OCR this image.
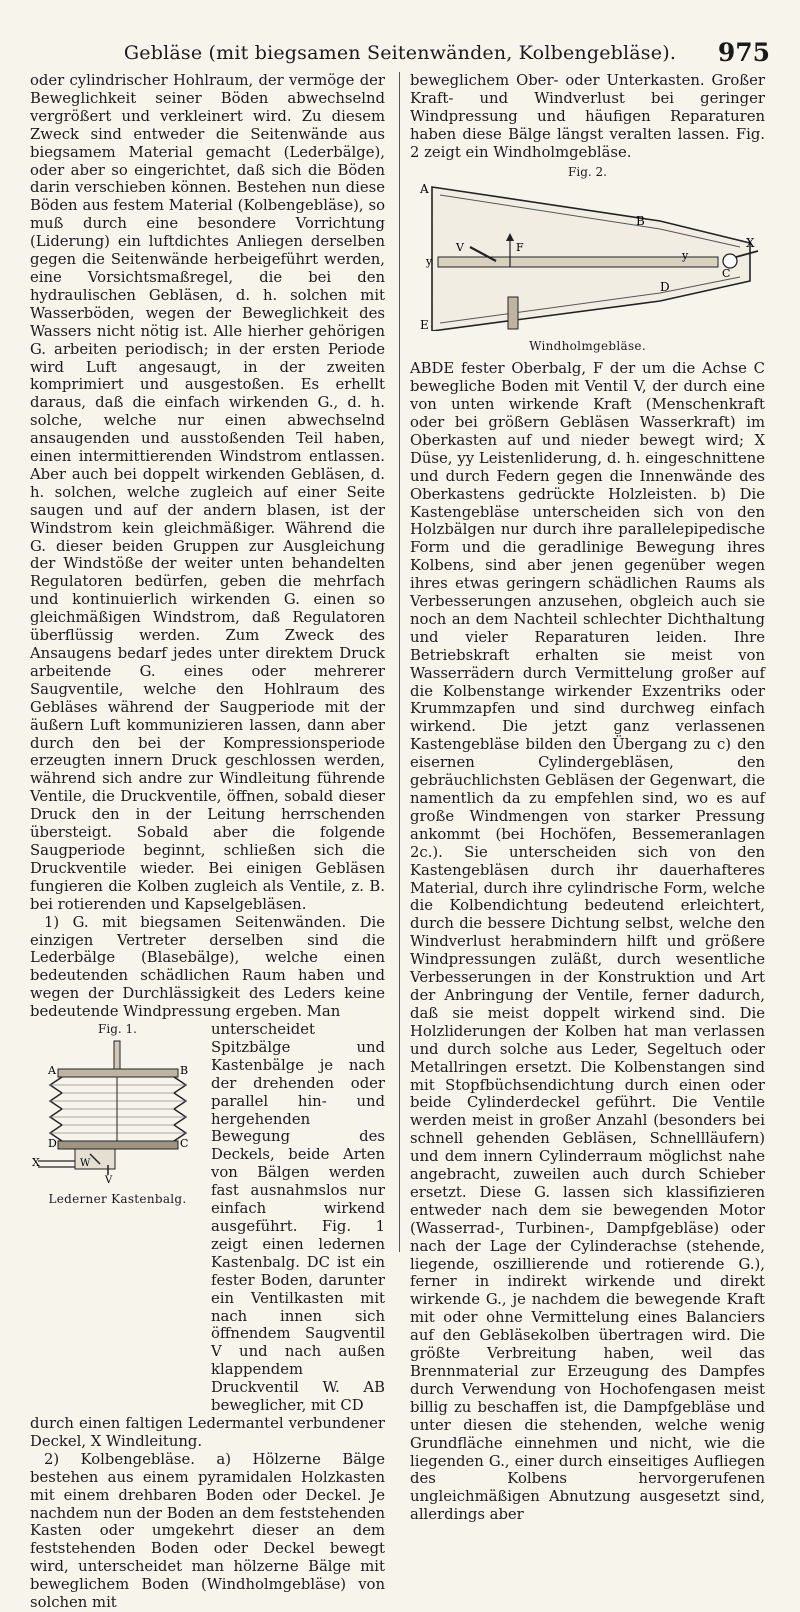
Gebläse (mit biegsamen Seitenwänden, Kolbengebläse).	975

oder cylindrischer Hohlraum, der vermöge der Beweglichkeit seiner Böden abwechselnd vergrößert und verkleinert wird. Zu diesem Zweck sind entweder die Seitenwände aus biegsamem Material gemacht (Lederbälge), oder aber so eingerichtet, daß sich die Böden darin verschieben können. Bestehen nun diese Böden aus festem Material (Kolbengebläse), so muß durch eine besondere Vorrichtung (Liderung) ein luftdichtes Anliegen derselben gegen die Seitenwände herbeigeführt werden, eine Vorsichtsmaßregel, die bei den hydraulischen Gebläsen, d. h. solchen mit Wasserböden, wegen der Beweglichkeit des Wassers nicht nötig ist. Alle hierher gehörigen G. arbeiten periodisch; in der ersten Periode wird Luft angesaugt, in der zweiten komprimiert und ausgestoßen. Es erhellt daraus, daß die einfach wirkenden G., d. h. solche, welche nur einen abwechselnd ansaugenden und ausstoßenden Teil haben, einen intermittierenden Windstrom entlassen. Aber auch bei doppelt wirkenden Gebläsen, d. h. solchen, welche zugleich auf einer Seite saugen und auf der andern blasen, ist der Windstrom kein gleichmäßiger. Während die G. dieser beiden Gruppen zur Ausgleichung der Windstöße der weiter unten behandelten Regulatoren bedürfen, geben die mehrfach und kontinuierlich wirkenden G. einen so gleichmäßigen Windstrom, daß Regulatoren überflüssig werden. Zum Zweck des Ansaugens bedarf jedes unter direktem Druck arbeitende G. eines oder mehrerer Saugventile, welche den Hohlraum des Gebläses während der Saugperiode mit der äußern Luft kommunizieren lassen, dann aber durch den bei der Kompressionsperiode erzeugten innern Druck geschlossen werden, während sich andre zur Windleitung führende Ventile, die Druckventile, öffnen, sobald dieser Druck den in der Leitung herrschenden übersteigt. Sobald aber die folgende Saugperiode beginnt, schließen sich die Druckventile wieder. Bei einigen Gebläsen fungieren die Kolben zugleich als Ventile, z. B. bei rotierenden und Kapselgebläsen.

1) G. mit biegsamen Seitenwänden. Die einzigen Vertreter derselben sind die Lederbälge (Blasebälge), welche einen bedeutenden schädlichen Raum haben und wegen der Durchlässigkeit des Leders keine bedeutende Windpressung ergeben. Man

Fig. 1.
A	B
D	C
X	W
V
Lederner Kastenbalg.

unterscheidet Spitzbälge und Kastenbälge je nach der drehenden oder parallel hin- und hergehenden Bewegung des Deckels, beide Arten von Bälgen werden fast ausnahmslos nur einfach wirkend ausgeführt. Fig. 1 zeigt einen ledernen Kastenbalg. DC ist ein fester Boden, darunter ein Ventilkasten mit nach innen sich öffnendem Saugventil V und nach außen klappendem Druckventil W. AB beweglicher, mit CD

durch einen faltigen Ledermantel verbundener Deckel, X Windleitung.

2) Kolbengebläse. a) Hölzerne Bälge bestehen aus einem pyramidalen Holzkasten mit einem drehbaren Boden oder Deckel. Je nachdem nun der Boden an dem feststehenden Kasten oder umgekehrt dieser an dem feststehenden Boden oder Deckel bewegt wird, unterscheidet man hölzerne Bälge mit beweglichem Boden (Windholmgebläse) von solchen mit

beweglichem Ober- oder Unterkasten. Großer Kraft- und Windverlust bei geringer Windpressung und häufigen Reparaturen haben diese Bälge längst veralten lassen. Fig. 2 zeigt ein Windholmgebläse.

Fig. 2.
A
B
C
D
E
F
V	X
y	y
Windholmgebläse.

ABDE fester Oberbalg, F der um die Achse C bewegliche Boden mit Ventil V, der durch eine von unten wirkende Kraft (Menschenkraft oder bei größern Gebläsen Wasserkraft) im Oberkasten auf und nieder bewegt wird; X Düse, yy Leistenliderung, d. h. eingeschnittene und durch Federn gegen die Innenwände des Oberkastens gedrückte Holzleisten. b) Die Kastengebläse unterscheiden sich von den Holzbälgen nur durch ihre parallelepipedische Form und die geradlinige Bewegung ihres Kolbens, sind aber jenen gegenüber wegen ihres etwas geringern schädlichen Raums als Verbesserungen anzusehen, obgleich auch sie noch an dem Nachteil schlechter Dichthaltung und vieler Reparaturen leiden. Ihre Betriebskraft erhalten sie meist von Wasserrädern durch Vermittelung großer auf die Kolbenstange wirkender Exzentriks oder Krummzapfen und sind durchweg einfach wirkend. Die jetzt ganz verlassenen Kastengebläse bilden den Übergang zu c) den eisernen Cylindergebläsen, den gebräuchlichsten Gebläsen der Gegenwart, die namentlich da zu empfehlen sind, wo es auf große Windmengen von starker Pressung ankommt (bei Hochöfen, Bessemeranlagen 2c.). Sie unterscheiden sich von den Kastengebläsen durch ihr dauerhafteres Material, durch ihre cylindrische Form, welche die Kolbendichtung bedeutend erleichtert, durch die bessere Dichtung selbst, welche den Windverlust herabmindern hilft und größere Windpressungen zuläßt, durch wesentliche Verbesserungen in der Konstruktion und Art der Anbringung der Ventile, ferner dadurch, daß sie meist doppelt wirkend sind. Die Holzliderungen der Kolben hat man verlassen und durch solche aus Leder, Segeltuch oder Metallringen ersetzt. Die Kolbenstangen sind mit Stopfbüchsendichtung durch einen oder beide Cylinderdeckel geführt. Die Ventile werden meist in großer Anzahl (besonders bei schnell gehenden Gebläsen, Schnellläufern) und dem innern Cylinderraum möglichst nahe angebracht, zuweilen auch durch Schieber ersetzt. Diese G. lassen sich klassifizieren entweder nach dem sie bewegenden Motor (Wasserrad-, Turbinen-, Dampfgebläse) oder nach der Lage der Cylinderachse (stehende, liegende, oszillierende und rotierende G.), ferner in indirekt wirkende und direkt wirkende G., je nachdem die bewegende Kraft mit oder ohne Vermittelung eines Balanciers auf den Gebläsekolben übertragen wird. Die größte Verbreitung haben, weil das Brennmaterial zur Erzeugung des Dampfes durch Verwendung von Hochofengasen meist billig zu beschaffen ist, die Dampfgebläse und unter diesen die stehenden, welche wenig Grundfläche einnehmen und nicht, wie die liegenden G., einer durch einseitiges Aufliegen des Kolbens hervorgerufenen ungleichmäßigen Abnutzung ausgesetzt sind, allerdings aber
